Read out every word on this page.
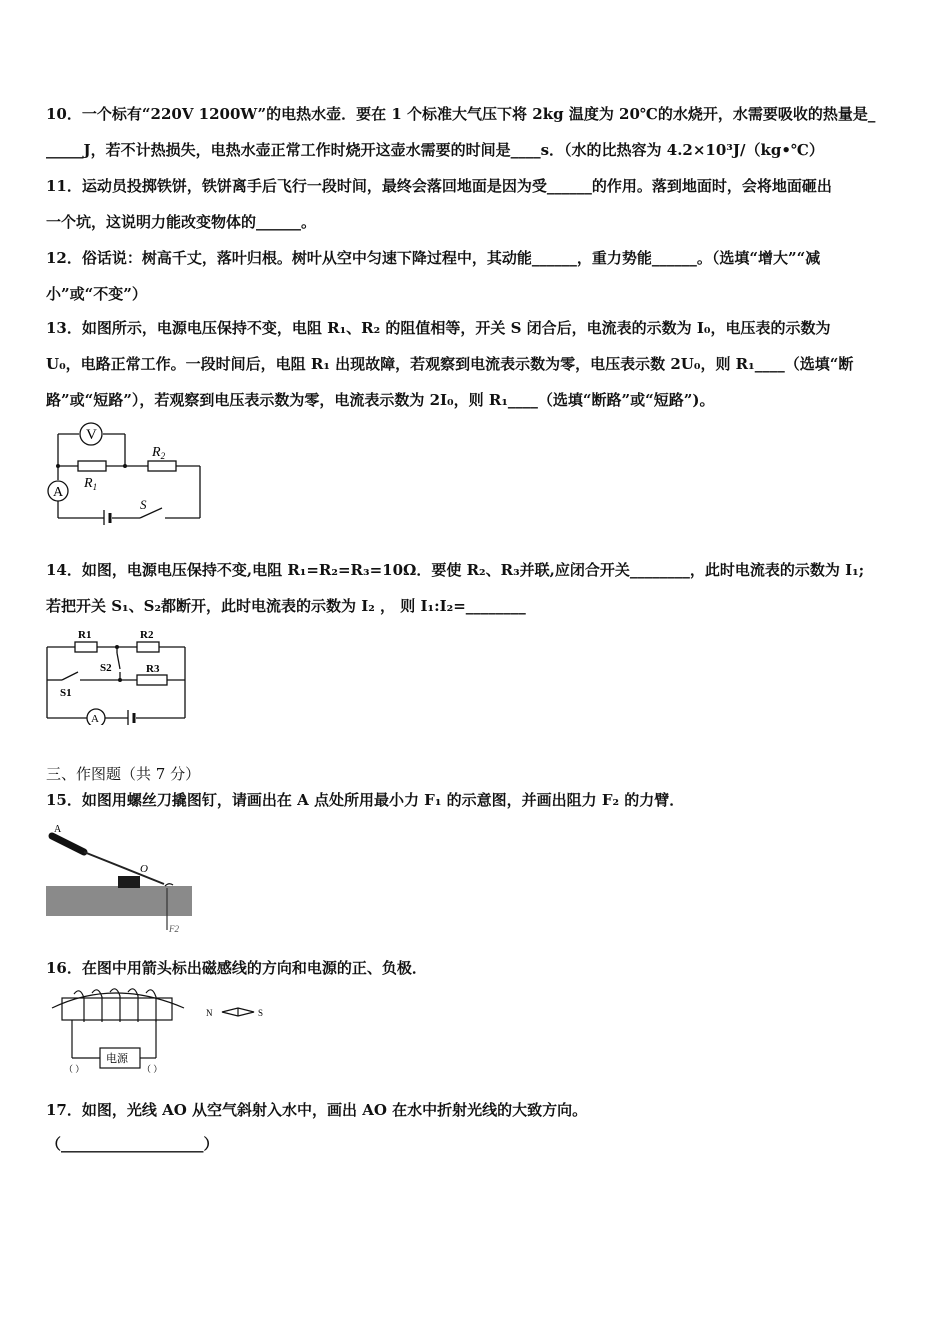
10．一个标有“220V 1200W”的电热水壶．要在 1 个标准大气压下将 2kg 温度为 20℃的水烧开，水需要吸收的热量是_
_____J，若不计热损失，电热水壶正常工作时烧开这壶水需要的时间是____s．（水的比热容为 4.2×10³J/（kg•℃）
11．运动员投掷铁饼，铁饼离手后飞行一段时间，最终会落回地面是因为受______的作用。落到地面时，会将地面砸出
一个坑，这说明力能改变物体的______。
12．俗话说：树高千丈，落叶归根。树叶从空中匀速下降过程中，其动能______，重力势能______。（选填“增大”“减
小”或“不变”）
13．如图所示，电源电压保持不变，电阻 R₁、R₂ 的阻值相等，开关 S 闭合后，电流表的示数为 I₀，电压表的示数为
U₀，电路正常工作。一段时间后，电阻 R₁ 出现故障，若观察到电流表示数为零，电压表示数 2U₀，则 R₁____（选填“断
路”或“短路”），若观察到电压表示数为零，电流表示数为 2I₀，则 R₁____（选填“断路”或“短路”)。
V
A
$R_1$
$R_2$
S
14．如图，电源电压保持不变,电阻 R₁=R₂=R₃=10Ω．要使 R₂、R₃并联,应闭合开关________，此时电流表的示数为 I₁;
若把开关 S₁、S₂都断开，此时电流表的示数为 I₂ ， 则 I₁:I₂=________
R1	R2
R3
S2
S1
A
三、作图题（共 7 分）
15．如图用螺丝刀撬图钉，请画出在 A 点处所用最小力 F₁ 的示意图，并画出阻力 F₂ 的力臂．
A
O
F2
16．在图中用箭头标出磁感线的方向和电源的正、负极．
N	S
电源
（ ）	（ ）
17．如图，光线 AO 从空气斜射入水中，画出 AO 在水中折射光线的大致方向。
（___________________）
